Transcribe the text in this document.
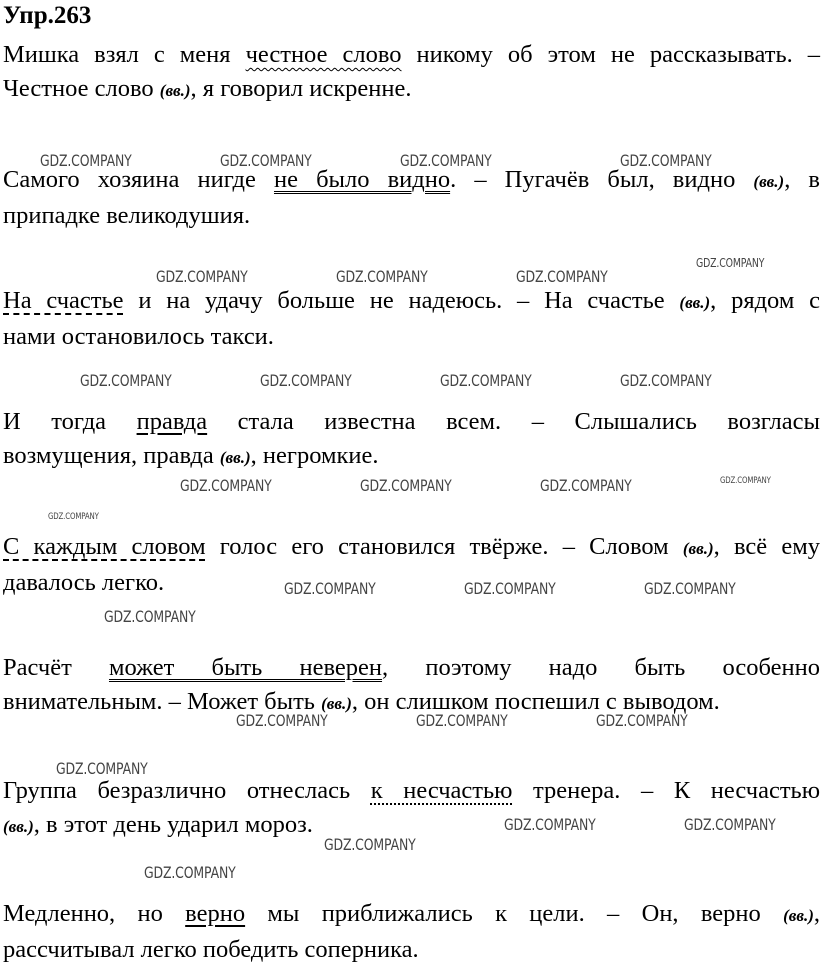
Упр.263

Мишка взял с меня честное слово никому об этом не рассказывать. –
Честное слово (вв.), я говорил искренне.

Самого хозяина нигде не было видно. – Пугачёв был, видно (вв.), в
припадке великодушия.

На счастье и на удачу больше не надеюсь. – На счастье (вв.), рядом с
нами остановилось такси.

И тогда правда стала известна всем. – Слышались возгласы
возмущения, правда (вв.), негромкие.

С каждым словом голос его становился твёрже. – Словом (вв.), всё ему
давалось легко.

Расчёт может быть неверен, поэтому надо быть особенно
внимательным. – Может быть (вв.), он слишком поспешил с выводом.

Группа безразлично отнеслась к несчастью тренера. – К несчастью
(вв.), в этот день ударил мороз.

Медленно, но верно мы приближались к цели. – Он, верно (вв.),
рассчитывал легко победить соперника.

GDZ.COMPANY	GDZ.COMPANY	GDZ.COMPANY	GDZ.COMPANY
GDZ.COMPANY	GDZ.COMPANY	GDZ.COMPANY
GDZ.COMPANY
GDZ.COMPANY	GDZ.COMPANY	GDZ.COMPANY	GDZ.COMPANY
GDZ.COMPANY	GDZ.COMPANY	GDZ.COMPANY	GDZ.COMPANY
GDZ.COMPANY
GDZ.COMPANY	GDZ.COMPANY	GDZ.COMPANY
GDZ.COMPANY
GDZ.COMPANY	GDZ.COMPANY	GDZ.COMPANY
GDZ.COMPANY
GDZ.COMPANY	GDZ.COMPANY
GDZ.COMPANY
GDZ.COMPANY
